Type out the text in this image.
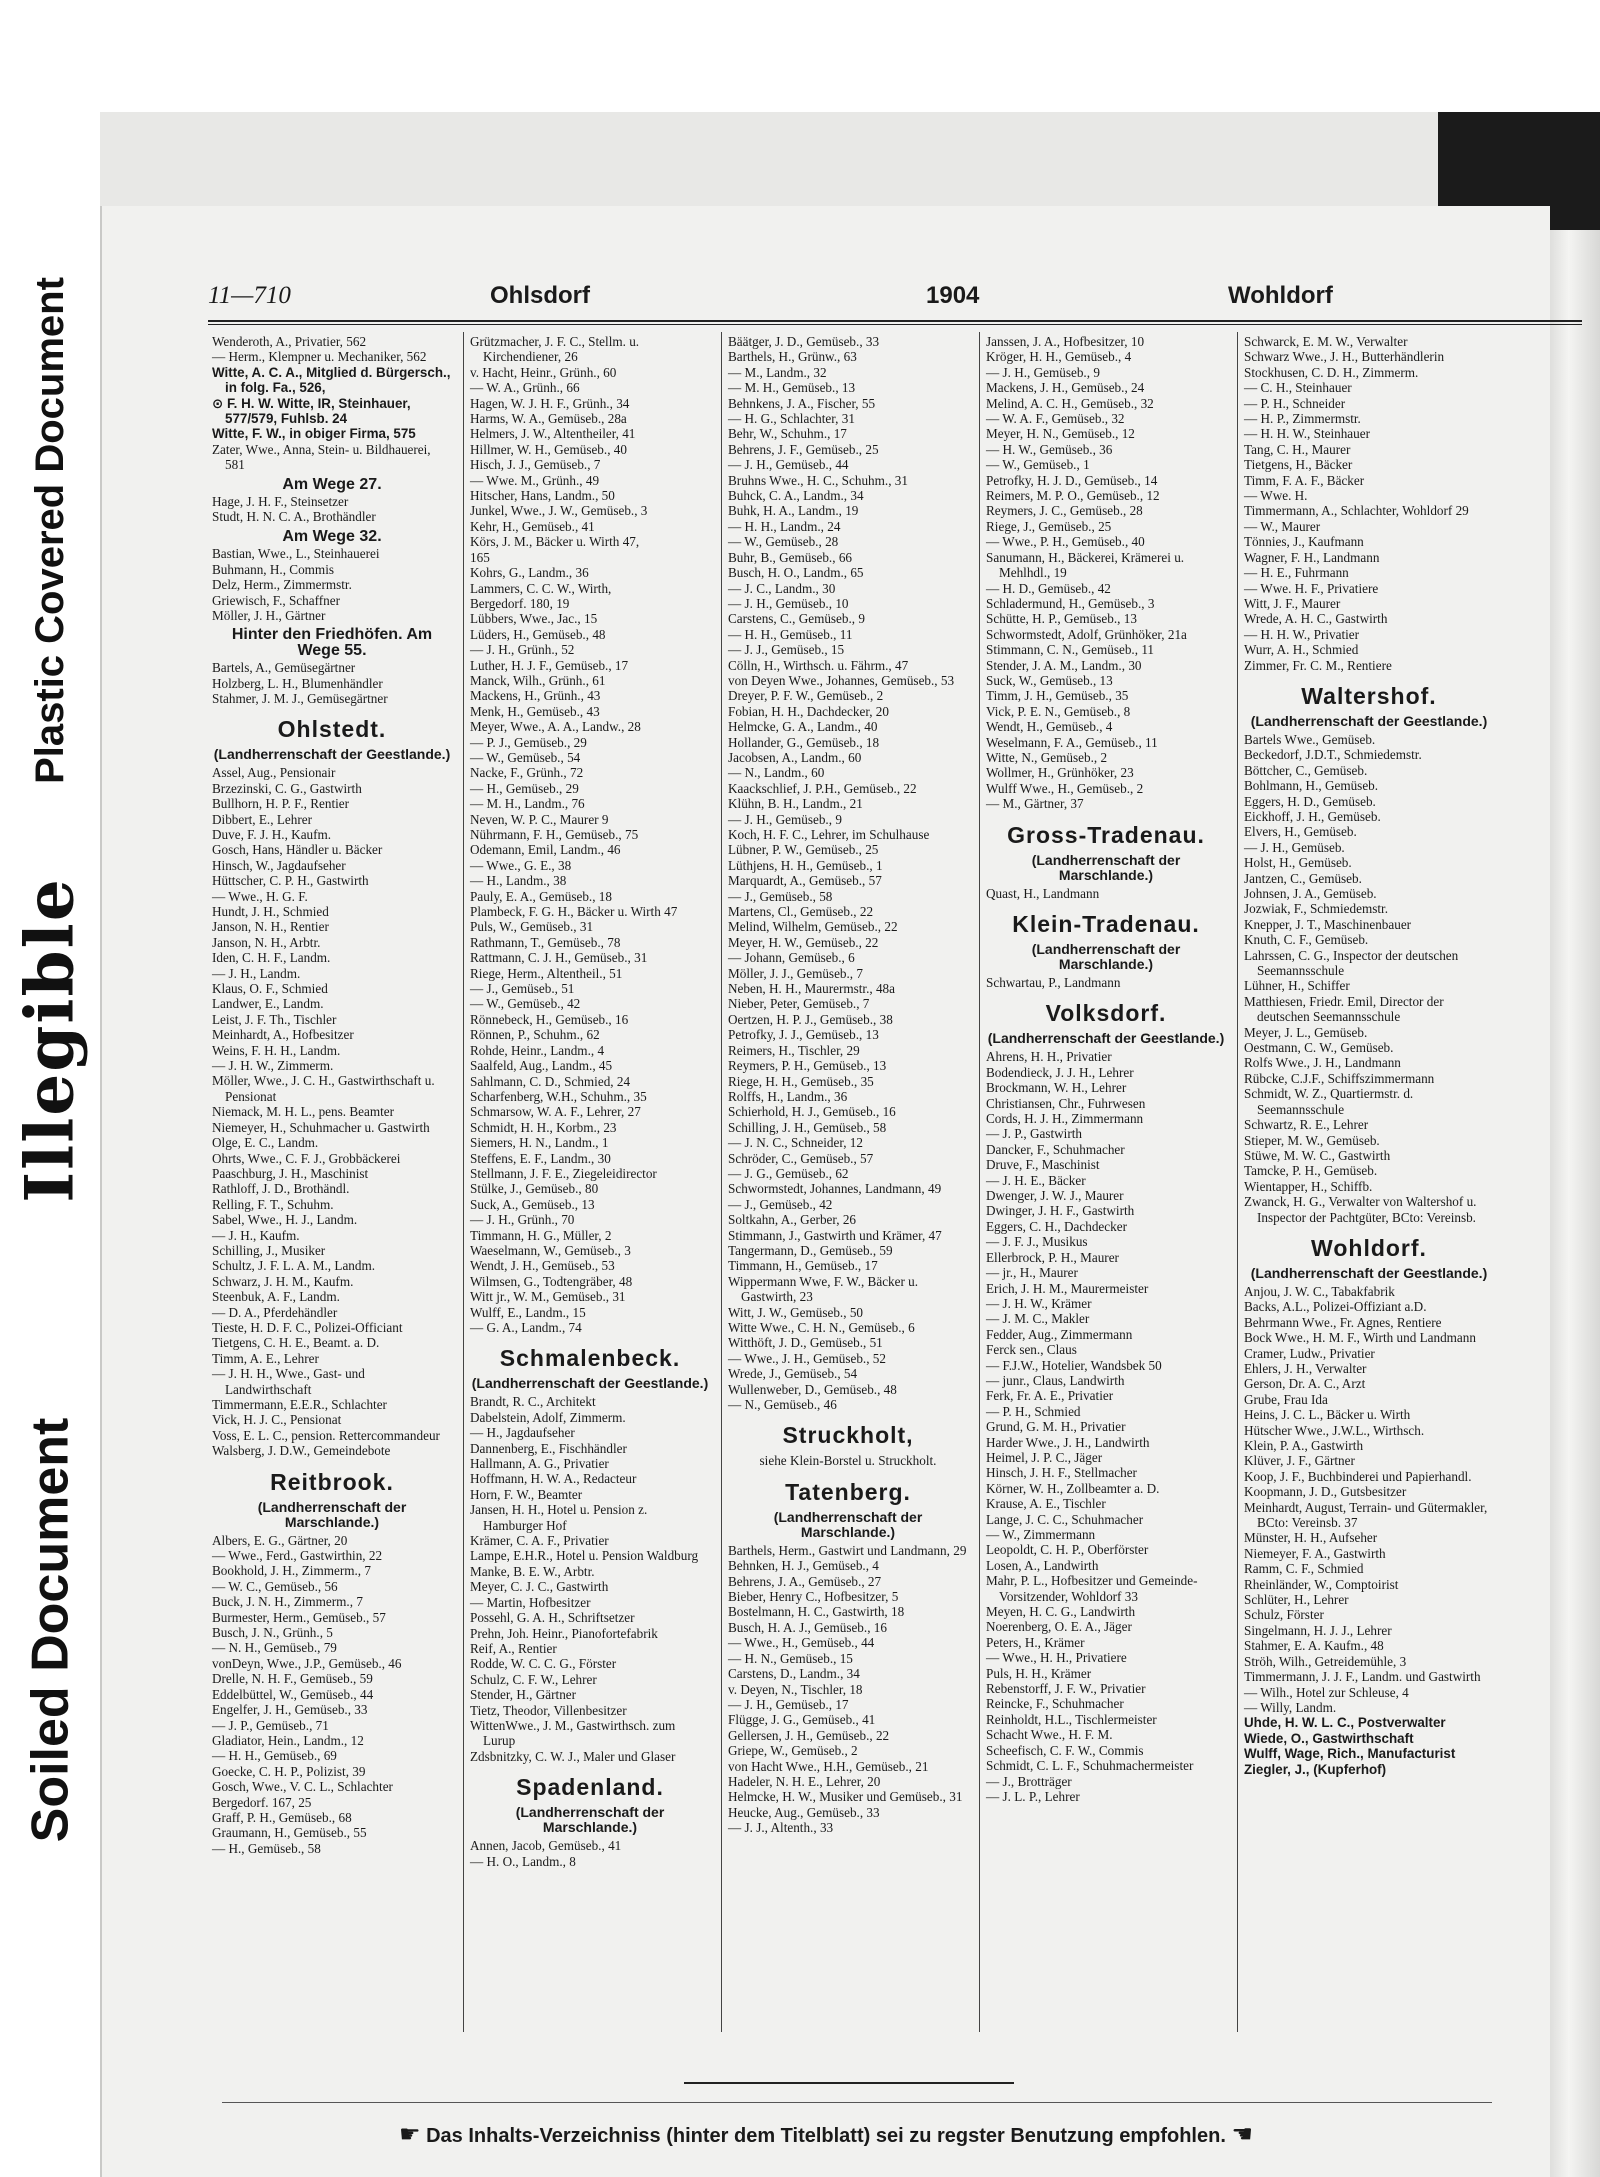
Plastic Covered Document
Illegible
Soiled Document
11—710	Ohlsdorf	1904	Wohldorf
Wenderoth, A., Privatier, 562
— Herm., Klempner u. Mechaniker, 562
Witte, A. C. A., Mitglied d. Bürgersch., in folg. Fa., 526,
⊙ F. H. W. Witte, IR, Steinhauer, 577/579, Fuhlsb. 24
Witte, F. W., in obiger Firma, 575
Zater, Wwe., Anna, Stein- u. Bildhauerei, 581
Am Wege 27.
Hage, J. H. F., Steinsetzer
Studt, H. N. C. A., Brothändler
Am Wege 32.
Bastian, Wwe., L., Steinhauerei
Buhmann, H., Commis
Delz, Herm., Zimmermstr.
Griewisch, F., Schaffner
Möller, J. H., Gärtner
Hinter den Friedhöfen. Am Wege 55.
Bartels, A., Gemüsegärtner
Holzberg, L. H., Blumenhändler
Stahmer, J. M. J., Gemüsegärtner
Ohlstedt.
(Landherrenschaft der Geestlande.)
Assel, Aug., Pensionair
Brzezinski, C. G., Gastwirth
Bullhorn, H. P. F., Rentier
Dibbert, E., Lehrer
Duve, F. J. H., Kaufm.
Gosch, Hans, Händler u. Bäcker
Hinsch, W., Jagdaufseher
Hüttscher, C. P. H., Gastwirth
— Wwe., H. G. F.
Hundt, J. H., Schmied
Janson, N. H., Rentier
Janson, N. H., Arbtr.
Iden, C. H. F., Landm.
— J. H., Landm.
Klaus, O. F., Schmied
Landwer, E., Landm.
Leist, J. F. Th., Tischler
Meinhardt, A., Hofbesitzer
Weins, F. H. H., Landm.
— J. H. W., Zimmerm.
Möller, Wwe., J. C. H., Gastwirthschaft u. Pensionat
Niemack, M. H. L., pens. Beamter
Niemeyer, H., Schuhmacher u. Gastwirth
Olge, E. C., Landm.
Ohrts, Wwe., C. F. J., Grobbäckerei
Paaschburg, J. H., Maschinist
Rathloff, J. D., Brothändl.
Relling, F. T., Schuhm.
Sabel, Wwe., H. J., Landm.
— J. H., Kaufm.
Schilling, J., Musiker
Schultz, J. F. L. A. M., Landm.
Schwarz, J. H. M., Kaufm.
Steenbuk, A. F., Landm.
— D. A., Pferdehändler
Tieste, H. D. F. C., Polizei-Officiant
Tietgens, C. H. E., Beamt. a. D.
Timm, A. E., Lehrer
— J. H. H., Wwe., Gast- und Landwirthschaft
Timmermann, E.E.R., Schlachter
Vick, H. J. C., Pensionat
Voss, E. L. C., pension. Rettercommandeur
Walsberg, J. D.W., Gemeindebote
Reitbrook.
(Landherrenschaft der Marschlande.)
Albers, E. G., Gärtner, 20
— Wwe., Ferd., Gastwirthin, 22
Bookhold, J. H., Zimmerm., 7
— W. C., Gemüseb., 56
Buck, J. N. H., Zimmerm., 7
Burmester, Herm., Gemüseb., 57
Busch, J. N., Grünh., 5
— N. H., Gemüseb., 79
vonDeyn, Wwe., J.P., Gemüseb., 46
Drelle, N. H. F., Gemüseb., 59
Eddelbüttel, W., Gemüseb., 44
Engelfer, J. H., Gemüseb., 33
— J. P., Gemüseb., 71
Gladiator, Hein., Landm., 12
— H. H., Gemüseb., 69
Goecke, C. H. P., Polizist, 39
Gosch, Wwe., V. C. L., Schlachter
Bergedorf. 167, 25
Graff, P. H., Gemüseb., 68
Graumann, H., Gemüseb., 55
— H., Gemüseb., 58
Grützmacher, J. F. C., Stellm. u. Kirchendiener, 26
v. Hacht, Heinr., Grünh., 60
— W. A., Grünh., 66
Hagen, W. J. H. F., Grünh., 34
Harms, W. A., Gemüseb., 28a
Helmers, J. W., Altentheiler, 41
Hillmer, W. H., Gemüseb., 40
Hisch, J. J., Gemüseb., 7
— Wwe. M., Grünh., 49
Hitscher, Hans, Landm., 50
Junkel, Wwe., J. W., Gemüseb., 3
Kehr, H., Gemüseb., 41
Körs, J. M., Bäcker u. Wirth 47,
165
Kohrs, G., Landm., 36
Lammers, C. C. W., Wirth,
Bergedorf. 180, 19
Lübbers, Wwe., Jac., 15
Lüders, H., Gemüseb., 48
— J. H., Grünh., 52
Luther, H. J. F., Gemüseb., 17
Manck, Wilh., Grünh., 61
Mackens, H., Grünh., 43
Menk, H., Gemüseb., 43
Meyer, Wwe., A. A., Landw., 28
— P. J., Gemüseb., 29
— W., Gemüseb., 54
Nacke, F., Grünh., 72
— H., Gemüseb., 29
— M. H., Landm., 76
Neven, W. P. C., Maurer 9
Nührmann, F. H., Gemüseb., 75
Odemann, Emil, Landm., 46
— Wwe., G. E., 38
— H., Landm., 38
Pauly, E. A., Gemüseb., 18
Plambeck, F. G. H., Bäcker u. Wirth 47
Puls, W., Gemüseb., 31
Rathmann, T., Gemüseb., 78
Rattmann, C. J. H., Gemüseb., 31
Riege, Herm., Altentheil., 51
— J., Gemüseb., 51
— W., Gemüseb., 42
Rönnebeck, H., Gemüseb., 16
Rönnen, P., Schuhm., 62
Rohde, Heinr., Landm., 4
Saalfeld, Aug., Landm., 45
Sahlmann, C. D., Schmied, 24
Scharfenberg, W.H., Schuhm., 35
Schmarsow, W. A. F., Lehrer, 27
Schmidt, H. H., Korbm., 23
Siemers, H. N., Landm., 1
Steffens, E. F., Landm., 30
Stellmann, J. F. E., Ziegeleidirector
Stülke, J., Gemüseb., 80
Suck, A., Gemüseb., 13
— J. H., Grünh., 70
Timmann, H. G., Müller, 2
Waeselmann, W., Gemüseb., 3
Wendt, J. H., Gemüseb., 53
Wilmsen, G., Todtengräber, 48
Witt jr., W. M., Gemüseb., 31
Wulff, E., Landm., 15
— G. A., Landm., 74
Schmalenbeck.
(Landherrenschaft der Geestlande.)
Brandt, R. C., Architekt
Dabelstein, Adolf, Zimmerm.
— H., Jagdaufseher
Dannenberg, E., Fischhändler
Hallmann, A. G., Privatier
Hoffmann, H. W. A., Redacteur
Horn, F. W., Beamter
Jansen, H. H., Hotel u. Pension z. Hamburger Hof
Krämer, C. A. F., Privatier
Lampe, E.H.R., Hotel u. Pension Waldburg
Manke, B. E. W., Arbtr.
Meyer, C. J. C., Gastwirth
— Martin, Hofbesitzer
Possehl, G. A. H., Schriftsetzer
Prehn, Joh. Heinr., Pianofortefabrik
Reif, A., Rentier
Rodde, W. C. C. G., Förster
Schulz, C. F. W., Lehrer
Stender, H., Gärtner
Tietz, Theodor, Villenbesitzer
WittenWwe., J. M., Gastwirthsch. zum Lurup
Zdsbnitzky, C. W. J., Maler und Glaser
Spadenland.
(Landherrenschaft der Marschlande.)
Annen, Jacob, Gemüseb., 41
— H. O., Landm., 8
Bäätger, J. D., Gemüseb., 33
Barthels, H., Grünw., 63
— M., Landm., 32
— M. H., Gemüseb., 13
Behnkens, J. A., Fischer, 55
— H. G., Schlachter, 31
Behr, W., Schuhm., 17
Behrens, J. F., Gemüseb., 25
— J. H., Gemüseb., 44
Bruhns Wwe., H. C., Schuhm., 31
Buhck, C. A., Landm., 34
Buhk, H. A., Landm., 19
— H. H., Landm., 24
— W., Gemüseb., 28
Buhr, B., Gemüseb., 66
Busch, H. O., Landm., 65
— J. C., Landm., 30
— J. H., Gemüseb., 10
Carstens, C., Gemüseb., 9
— H. H., Gemüseb., 11
— J. J., Gemüseb., 15
Cölln, H., Wirthsch. u. Fährm., 47
von Deyen Wwe., Johannes, Gemüseb., 53
Dreyer, P. F. W., Gemüseb., 2
Fobian, H. H., Dachdecker, 20
Helmcke, G. A., Landm., 40
Hollander, G., Gemüseb., 18
Jacobsen, A., Landm., 60
— N., Landm., 60
Kaackschlief, J. P.H., Gemüseb., 22
Klühn, B. H., Landm., 21
— J. H., Gemüseb., 9
Koch, H. F. C., Lehrer, im Schulhause
Lübner, P. W., Gemüseb., 25
Lüthjens, H. H., Gemüseb., 1
Marquardt, A., Gemüseb., 57
— J., Gemüseb., 58
Martens, Cl., Gemüseb., 22
Melind, Wilhelm, Gemüseb., 22
Meyer, H. W., Gemüseb., 22
— Johann, Gemüseb., 6
Möller, J. J., Gemüseb., 7
Neben, H. H., Maurermstr., 48a
Nieber, Peter, Gemüseb., 7
Oertzen, H. P. J., Gemüseb., 38
Petrofky, J. J., Gemüseb., 13
Reimers, H., Tischler, 29
Reymers, P. H., Gemüseb., 13
Riege, H. H., Gemüseb., 35
Rolffs, H., Landm., 36
Schierhold, H. J., Gemüseb., 16
Schilling, J. H., Gemüseb., 58
— J. N. C., Schneider, 12
Schröder, C., Gemüseb., 57
— J. G., Gemüseb., 62
Schwormstedt, Johannes, Landmann, 49
— J., Gemüseb., 42
Soltkahn, A., Gerber, 26
Stimmann, J., Gastwirth und Krämer, 47
Tangermann, D., Gemüseb., 59
Timmann, H., Gemüseb., 17
Wippermann Wwe, F. W., Bäcker u. Gastwirth, 23
Witt, J. W., Gemüseb., 50
Witte Wwe., C. H. N., Gemüseb., 6
Witthöft, J. D., Gemüseb., 51
— Wwe., J. H., Gemüseb., 52
Wrede, J., Gemüseb., 54
Wullenweber, D., Gemüseb., 48
— N., Gemüseb., 46
Struckholt,
siehe Klein-Borstel u. Struckholt.
Tatenberg.
(Landherrenschaft der Marschlande.)
Barthels, Herm., Gastwirt und Landmann, 29
Behnken, H. J., Gemüseb., 4
Behrens, J. A., Gemüseb., 27
Bieber, Henry C., Hofbesitzer, 5
Bostelmann, H. C., Gastwirth, 18
Busch, H. A. J., Gemüseb., 16
— Wwe., H., Gemüseb., 44
— H. N., Gemüseb., 15
Carstens, D., Landm., 34
v. Deyen, N., Tischler, 18
— J. H., Gemüseb., 17
Flügge, J. G., Gemüseb., 41
Gellersen, J. H., Gemüseb., 22
Griepe, W., Gemüseb., 2
von Hacht Wwe., H.H., Gemüseb., 21
Hadeler, N. H. E., Lehrer, 20
Helmcke, H. W., Musiker und Gemüseb., 31
Heucke, Aug., Gemüseb., 33
— J. J., Altenth., 33
Janssen, J. A., Hofbesitzer, 10
Kröger, H. H., Gemüseb., 4
— J. H., Gemüseb., 9
Mackens, J. H., Gemüseb., 24
Melind, A. C. H., Gemüseb., 32
— W. A. F., Gemüseb., 32
Meyer, H. N., Gemüseb., 12
— H. W., Gemüseb., 36
— W., Gemüseb., 1
Petrofky, H. J. D., Gemüseb., 14
Reimers, M. P. O., Gemüseb., 12
Reymers, J. C., Gemüseb., 28
Riege, J., Gemüseb., 25
— Wwe., P. H., Gemüseb., 40
Sanumann, H., Bäckerei, Krämerei u. Mehlhdl., 19
— H. D., Gemüseb., 42
Schladermund, H., Gemüseb., 3
Schütte, H. P., Gemüseb., 13
Schwormstedt, Adolf, Grünhöker, 21a
Stimmann, C. N., Gemüseb., 11
Stender, J. A. M., Landm., 30
Suck, W., Gemüseb., 13
Timm, J. H., Gemüseb., 35
Vick, P. E. N., Gemüseb., 8
Wendt, H., Gemüseb., 4
Weselmann, F. A., Gemüseb., 11
Witte, N., Gemüseb., 2
Wollmer, H., Grünhöker, 23
Wulff Wwe., H., Gemüseb., 2
— M., Gärtner, 37
Gross-Tradenau.
(Landherrenschaft der Marschlande.)
Quast, H., Landmann
Klein-Tradenau.
(Landherrenschaft der Marschlande.)
Schwartau, P., Landmann
Volksdorf.
(Landherrenschaft der Geestlande.)
Ahrens, H. H., Privatier
Bodendieck, J. J. H., Lehrer
Brockmann, W. H., Lehrer
Christiansen, Chr., Fuhrwesen
Cords, H. J. H., Zimmermann
— J. P., Gastwirth
Dancker, F., Schuhmacher
Druve, F., Maschinist
— J. H. E., Bäcker
Dwenger, J. W. J., Maurer
Dwinger, J. H. F., Gastwirth
Eggers, C. H., Dachdecker
— J. F. J., Musikus
Ellerbrock, P. H., Maurer
— jr., H., Maurer
Erich, J. H. M., Maurermeister
— J. H. W., Krämer
— J. M. C., Makler
Fedder, Aug., Zimmermann
Ferck sen., Claus
— F.J.W., Hotelier, Wandsbek 50
— junr., Claus, Landwirth
Ferk, Fr. A. E., Privatier
— P. H., Schmied
Grund, G. M. H., Privatier
Harder Wwe., J. H., Landwirth
Heimel, J. P. C., Jäger
Hinsch, J. H. F., Stellmacher
Körner, W. H., Zollbeamter a. D.
Krause, A. E., Tischler
Lange, J. C. C., Schuhmacher
— W., Zimmermann
Leopoldt, C. H. P., Oberförster
Losen, A., Landwirth
Mahr, P. L., Hofbesitzer und Gemeinde-Vorsitzender, Wohldorf 33
Meyen, H. C. G., Landwirth
Noerenberg, O. E. A., Jäger
Peters, H., Krämer
— Wwe., H. H., Privatiere
Puls, H. H., Krämer
Rebenstorff, J. F. W., Privatier
Reincke, F., Schuhmacher
Reinholdt, H.L., Tischlermeister
Schacht Wwe., H. F. M.
Scheefisch, C. F. W., Commis
Schmidt, C. L. F., Schuhmachermeister
— J., Brotträger
— J. L. P., Lehrer
Schwarck, E. M. W., Verwalter
Schwarz Wwe., J. H., Butterhändlerin
Stockhusen, C. D. H., Zimmerm.
— C. H., Steinhauer
— P. H., Schneider
— H. P., Zimmermstr.
— H. H. W., Steinhauer
Tang, C. H., Maurer
Tietgens, H., Bäcker
Timm, F. A. F., Bäcker
— Wwe. H.
Timmermann, A., Schlachter, Wohldorf 29
— W., Maurer
Tönnies, J., Kaufmann
Wagner, F. H., Landmann
— H. E., Fuhrmann
— Wwe. H. F., Privatiere
Witt, J. F., Maurer
Wrede, A. H. C., Gastwirth
— H. H. W., Privatier
Wurr, A. H., Schmied
Zimmer, Fr. C. M., Rentiere
Waltershof.
(Landherrenschaft der Geestlande.)
Bartels Wwe., Gemüseb.
Beckedorf, J.D.T., Schmiedemstr.
Böttcher, C., Gemüseb.
Bohlmann, H., Gemüseb.
Eggers, H. D., Gemüseb.
Eickhoff, J. H., Gemüseb.
Elvers, H., Gemüseb.
— J. H., Gemüseb.
Holst, H., Gemüseb.
Jantzen, C., Gemüseb.
Johnsen, J. A., Gemüseb.
Jozwiak, F., Schmiedemstr.
Knepper, J. T., Maschinenbauer
Knuth, C. F., Gemüseb.
Lahrssen, C. G., Inspector der deutschen Seemannsschule
Lühner, H., Schiffer
Matthiesen, Friedr. Emil, Director der deutschen Seemannsschule
Meyer, J. L., Gemüseb.
Oestmann, C. W., Gemüseb.
Rolfs Wwe., J. H., Landmann
Rübcke, C.J.F., Schiffszimmermann
Schmidt, W. Z., Quartiermstr. d. Seemannsschule
Schwartz, R. E., Lehrer
Stieper, M. W., Gemüseb.
Stüwe, M. W. C., Gastwirth
Tamcke, P. H., Gemüseb.
Wientapper, H., Schiffb.
Zwanck, H. G., Verwalter von Waltershof u. Inspector der Pachtgüter, BCto: Vereinsb.
Wohldorf.
(Landherrenschaft der Geestlande.)
Anjou, J. W. C., Tabakfabrik
Backs, A.L., Polizei-Offiziant a.D.
Behrmann Wwe., Fr. Agnes, Rentiere
Bock Wwe., H. M. F., Wirth und Landmann
Cramer, Ludw., Privatier
Ehlers, J. H., Verwalter
Gerson, Dr. A. C., Arzt
Grube, Frau Ida
Heins, J. C. L., Bäcker u. Wirth
Hütscher Wwe., J.W.L., Wirthsch.
Klein, P. A., Gastwirth
Klüver, J. F., Gärtner
Koop, J. F., Buchbinderei und Papierhandl.
Koopmann, J. D., Gutsbesitzer
Meinhardt, August, Terrain- und Gütermakler, BCto: Vereinsb. 37
Münster, H. H., Aufseher
Niemeyer, F. A., Gastwirth
Ramm, C. F., Schmied
Rheinländer, W., Comptoirist
Schlüter, H., Lehrer
Schulz, Förster
Singelmann, H. J. J., Lehrer
Stahmer, E. A. Kaufm., 48
Ströh, Wilh., Getreidemühle, 3
Timmermann, J. J. F., Landm. und Gastwirth
— Wilh., Hotel zur Schleuse, 4
— Willy, Landm.
Uhde, H. W. L. C., Postverwalter
Wiede, O., Gastwirthschaft
Wulff, Wage, Rich., Manufacturist
Ziegler, J., (Kupferhof)
☛ Das Inhalts-Verzeichniss (hinter dem Titelblatt) sei zu regster Benutzung empfohlen. ☚
